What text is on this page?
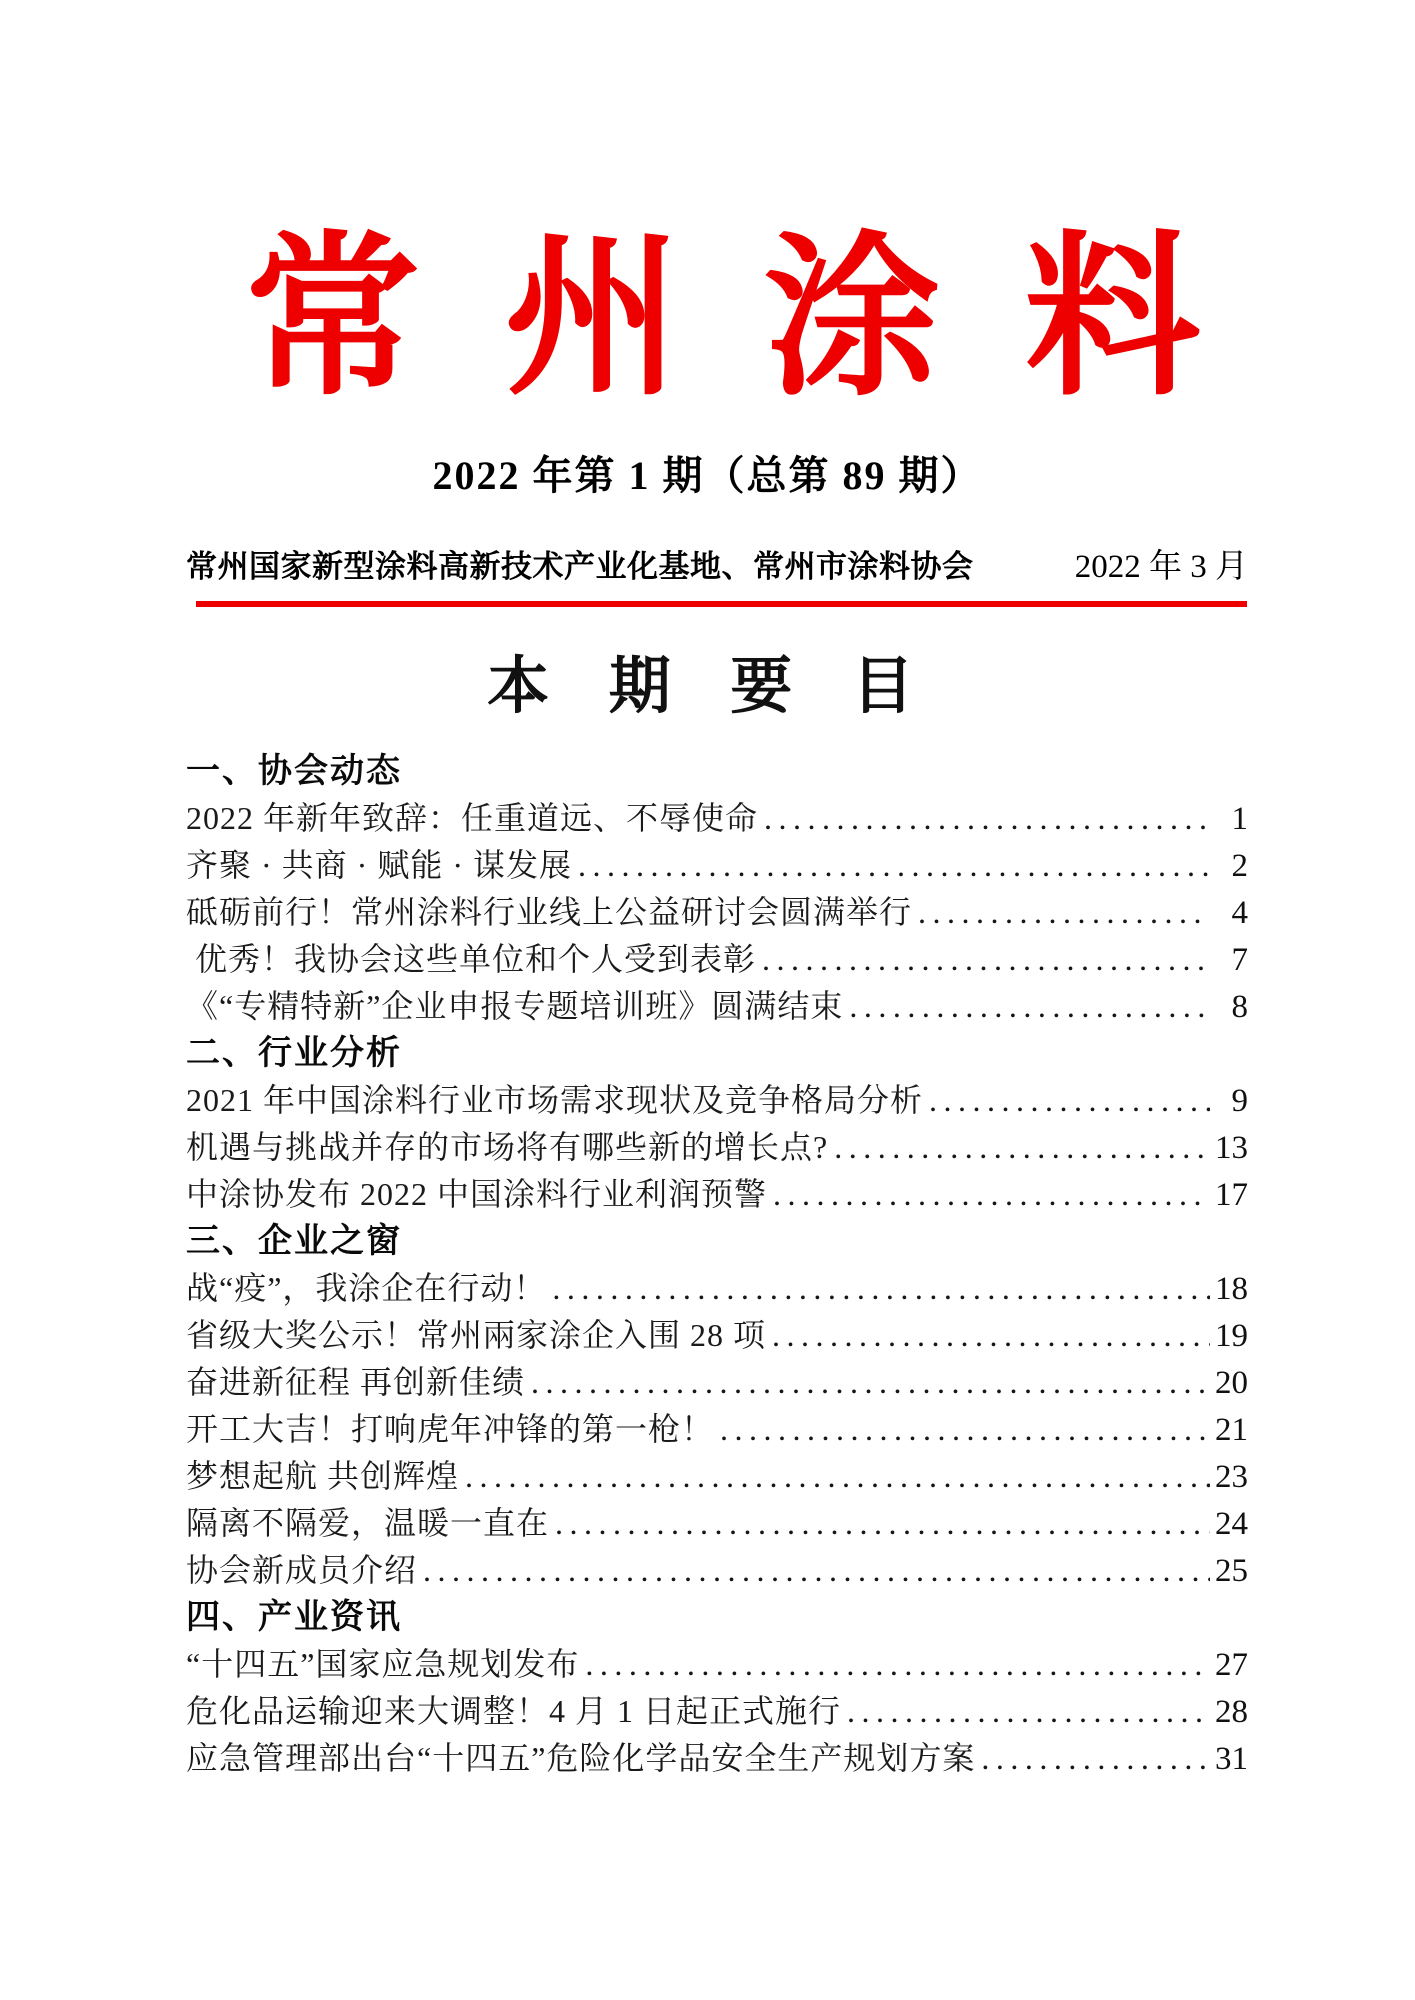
常州涂料
2022 年第 1 期（总第 89 期）
常州国家新型涂料高新技术产业化基地、常州市涂料协会	2022 年 3 月
本 期 要 目
一、协会动态
2022 年新年致辞：任重道远、不辱使命 .....	1
齐聚 · 共商 · 赋能 · 谋发展 .....	2
砥砺前行！常州涂料行业线上公益研讨会圆满举行 .....	4
优秀！我协会这些单位和个人受到表彰 .....	7
《“专精特新”企业申报专题培训班》圆满结束 .....	8
二、行业分析
2021 年中国涂料行业市场需求现状及竞争格局分析 .....	9
机遇与挑战并存的市场将有哪些新的增长点? .....	13
中涂协发布 2022 中国涂料行业利润预警 .....	17
三、企业之窗
战“疫”，我涂企在行动！ .....	18
省级大奖公示！常州兩家涂企入围 28 项 .....	19
奋进新征程 再创新佳绩 .....	20
开工大吉！打响虎年冲锋的第一枪！ .....	21
梦想起航 共创辉煌 .....	23
隔离不隔爱，温暖一直在 .....	24
协会新成员介绍 .....	25
四、产业资讯
“十四五”国家应急规划发布 .....	27
危化品运输迎来大调整！4 月 1 日起正式施行 .....	28
应急管理部出台“十四五”危险化学品安全生产规划方案 .....	31
